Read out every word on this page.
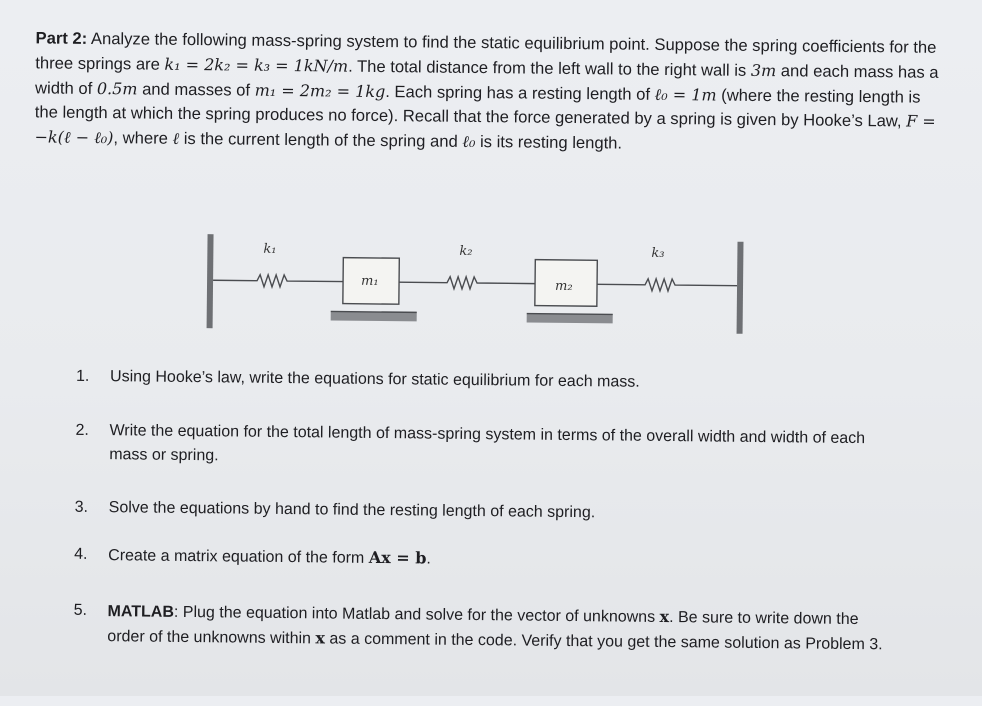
Part 2: Analyze the following mass-spring system to find the static equilibrium point. Suppose the spring coefficients for the three springs are k₁ = 2k₂ = k₃ = 1kN/m. The total distance from the left wall to the right wall is 3m and each mass has a width of 0.5m and masses of m₁ = 2m₂ = 1kg. Each spring has a resting length of ℓ₀ = 1m (where the resting length is the length at which the spring produces no force). Recall that the force generated by a spring is given by Hooke’s Law, F = −k(ℓ − ℓ₀), where ℓ is the current length of the spring and ℓ₀ is its resting length.
k₁	k₂	k₃
m₁	m₂
1. Using Hooke’s law, write the equations for static equilibrium for each mass.
2. Write the equation for the total length of mass-spring system in terms of the overall width and width of each mass or spring.
3. Solve the equations by hand to find the resting length of each spring.
4. Create a matrix equation of the form Ax = b.
5. MATLAB: Plug the equation into Matlab and solve for the vector of unknowns x. Be sure to write down the order of the unknowns within x as a comment in the code. Verify that you get the same solution as Problem 3.
